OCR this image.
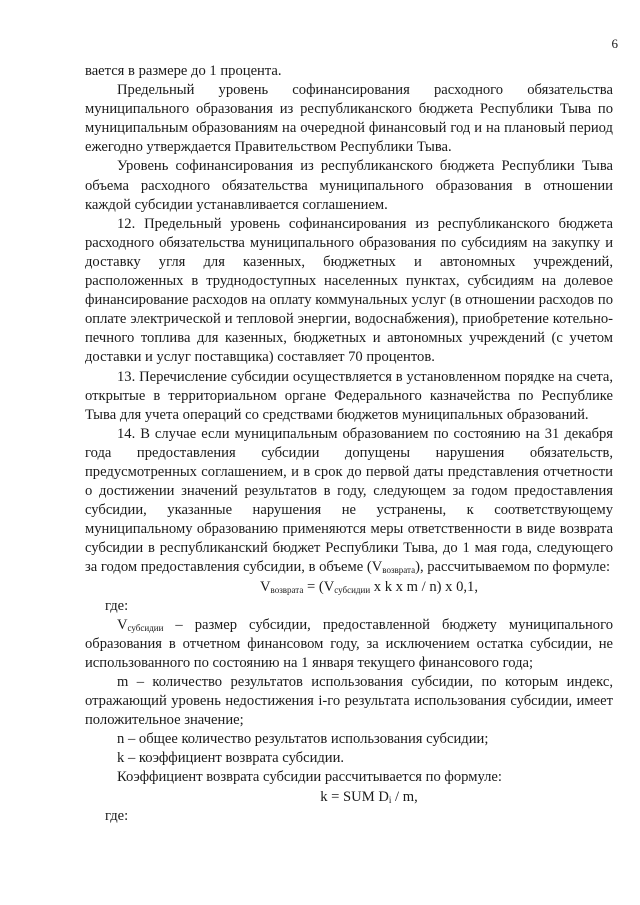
6

вается в размере до 1 процента.

Предельный уровень софинансирования расходного обязательства муниципального образования из республиканского бюджета Республики Тыва по муниципальным образованиям на очередной финансовый год и на плановый период ежегодно утверждается Правительством Республики Тыва.

Уровень софинансирования из республиканского бюджета Республики Тыва объема расходного обязательства муниципального образования в отношении каждой субсидии устанавливается соглашением.

12. Предельный уровень софинансирования из республиканского бюджета расходного обязательства муниципального образования по субсидиям на закупку и доставку угля для казенных, бюджетных и автономных учреждений, расположенных в труднодоступных населенных пунктах, субсидиям на долевое финансирование расходов на оплату коммунальных услуг (в отношении расходов по оплате электрической и тепловой энергии, водоснабжения), приобретение котельно-печного топлива для казенных, бюджетных и автономных учреждений (с учетом доставки и услуг поставщика) составляет 70 процентов.

13. Перечисление субсидии осуществляется в установленном порядке на счета, открытые в территориальном органе Федерального казначейства по Республике Тыва для учета операций со средствами бюджетов муниципальных образований.

14. В случае если муниципальным образованием по состоянию на 31 декабря года предоставления субсидии допущены нарушения обязательств, предусмотренных соглашением, и в срок до первой даты представления отчетности о достижении значений результатов в году, следующем за годом предоставления субсидии, указанные нарушения не устранены, к соответствующему муниципальному образованию применяются меры ответственности в виде возврата субсидии в республиканский бюджет Республики Тыва, до 1 мая года, следующего за годом предоставления субсидии, в объеме $(V_{возврата})$, рассчитываемом по формуле:

$V_{возврата} = (V_{субсидии}$ x k x m / n) x 0,1,

где:

$V_{субсидии}$ – размер субсидии, предоставленной бюджету муниципального образования в отчетном финансовом году, за исключением остатка субсидии, не использованного по состоянию на 1 января текущего финансового года;

m – количество результатов использования субсидии, по которым индекс, отражающий уровень недостижения i-го результата использования субсидии, имеет положительное значение;

n – общее количество результатов использования субсидии;

k – коэффициент возврата субсидии.

Коэффициент возврата субсидии рассчитывается по формуле:

k = SUM $D_i$ / m,

где:
